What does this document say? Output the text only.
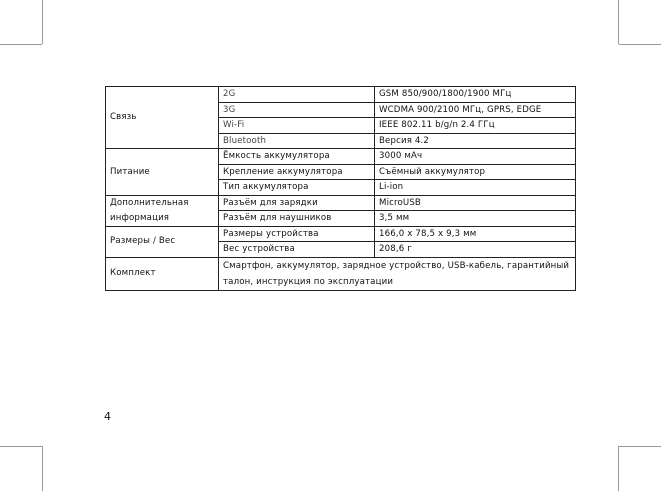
Связь	2G	GSM 850/900/1800/1900 МГц
	3G	WCDMA 900/2100 МГц, GPRS, EDGE
	Wi-Fi	IEEE 802.11 b/g/n 2.4 ГГц
	Bluetooth	Версия 4.2
Питание	Ёмкость аккумулятора	3000 мАч
	Крепление аккумулятора	Съёмный аккумулятор
	Тип аккумулятора	Li-ion
Дополнительная информация	Разъём для зарядки	MicroUSB
	Разъём для наушников	3,5 мм
Размеры / Вес	Размеры устройства	166,0 x 78,5 x 9,3 мм
	Вес устройства	208,6 г
Комплект	Смартфон, аккумулятор, зарядное устройство, USB-кабель, гарантийный талон, инструкция по эксплуатации	
4
